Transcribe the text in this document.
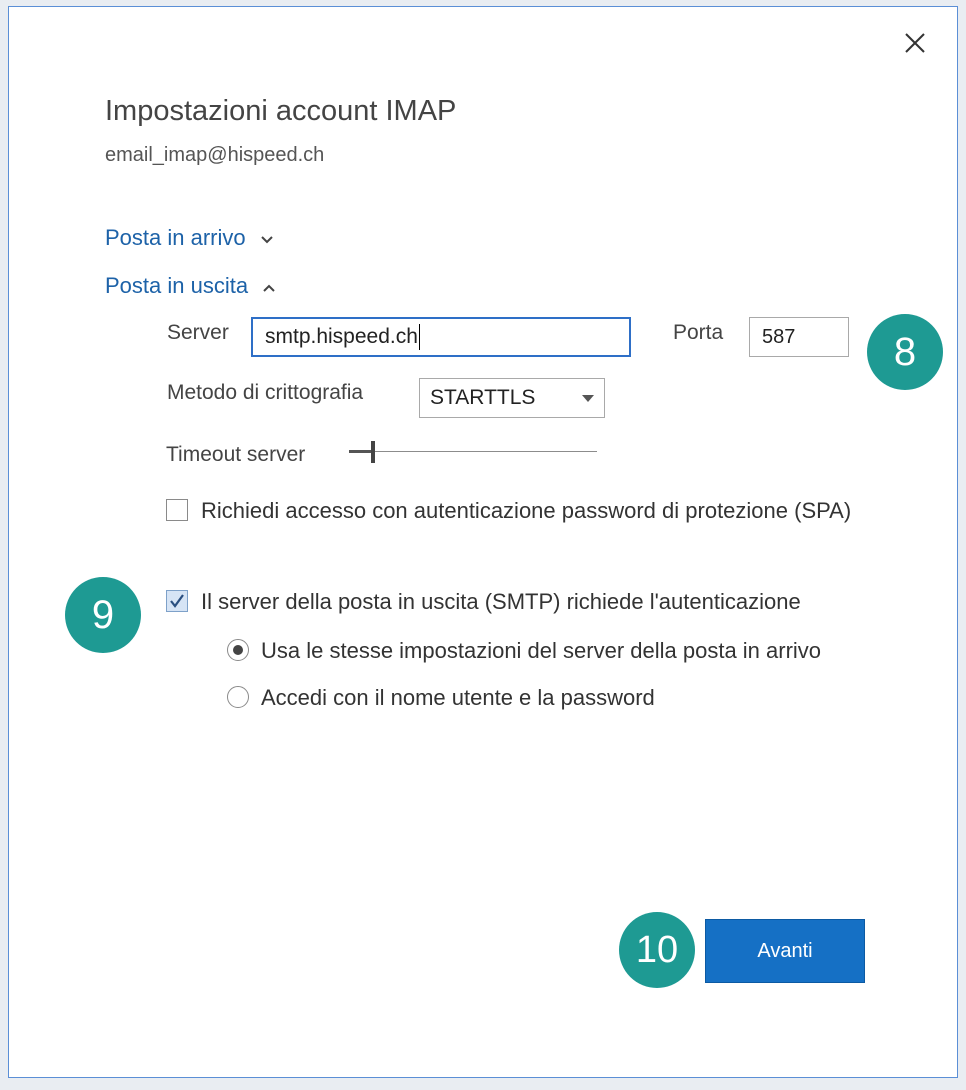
Impostazioni account IMAP
email_imap@hispeed.ch
Posta in arrivo
Posta in uscita
Server smtp.hispeed.ch	Porta 587
Metodo di crittografia	STARTTLS
Timeout server
Richiedi accesso con autenticazione password di protezione (SPA)
Il server della posta in uscita (SMTP) richiede l'autenticazione
Usa le stesse impostazioni del server della posta in arrivo
Accedi con il nome utente e la password
8
9
10	Avanti
